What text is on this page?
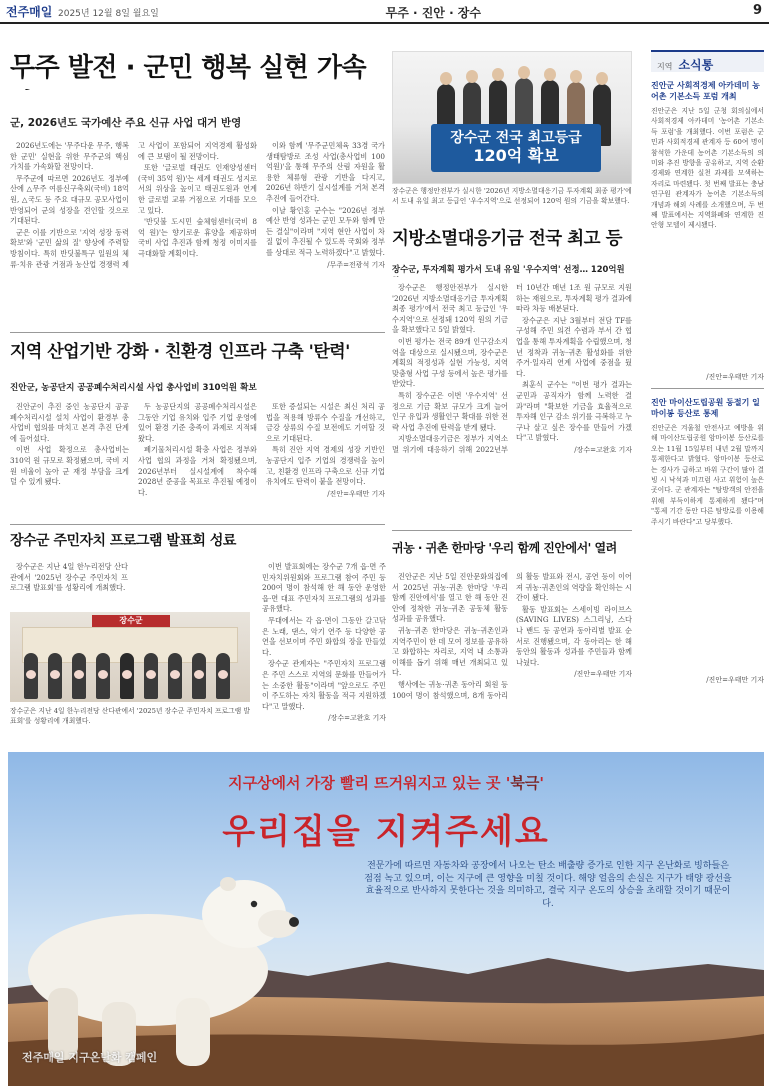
전주매일 2025년 12월 8일 월요일	무주 · 진안 · 장수	9
무주 발전 · 군민 행복 실현 가속
군, 2026년도 국가예산 주요 신규 사업 대거 반영

2026년도에는 '무주다운 무주, 행복한 군민' 실현을 위한 무주군의 핵심 가치를 가속화할 전망이다.

무주군에 따르면 2026년도 정부예산에 △무주 여름신구축외(국비) 18억 원, △국도 등 주요 대규모 공모사업이 반영되어 군의 성장을 견인할 것으로 기대된다.

군은 이를 기반으로 '지역 성장 동력 확보'와 '군민 삶의 질' 향상에 주력할 방침이다. 특히 반딧불특구 일원의 체류·치유 관광 거점과 농산업 경쟁력 제고 사업이 포함되어 지역경제 활성화에 큰 보탬이 될 전망이다.

또한 '글로벌 태권도 인재양성센터(국비 35억 원)'는 세계 태권도 성지로서의 위상을 높이고 태권도원과 연계한 글로벌 교류 거점으로 기대를 모으고 있다.

'반딧불 도시민 숲체험센터(국비 8억 원)'는 향기로운 휴양을 제공하며 국비 사업 추진과 함께 청정 이미지를 극대화할 계획이다.

이와 함께 '무주군민체육 33경 국가생태탐방로 조성 사업(총사업비 100억원)'을 통해 무주의 산림 자원을 활용한 체류형 관광 기반을 다지고, 2026년 하반기 실시설계를 거쳐 본격 추진에 들어간다.

이날 황인홍 군수는 "2026년 정부예산 반영 성과는 군민 모두와 함께 만든 결실"이라며 "지역 현안 사업이 차질 없이 추진될 수 있도록 국회와 정부를 상대로 적극 노력하겠다"고 밝혔다.

/무주=전광석 기자
장수군 전국 최고등급
120억 확보
장수군은 행정안전부가 실시한 '2026년 지방소멸대응기금 투자계획 최종 평가'에서 도내 유일 최고 등급인 '우수지역'으로 선정되어 120억 원의 기금을 확보했다.
지방소멸대응기금 전국 최고 등
장수군, 투자계획 평가서 도내 유일 '우수지역' 선정… 120억원

장수군은 행정안전부가 실시한 '2026년 지방소멸대응기금 투자계획 최종 평가'에서 전국 최고 등급인 '우수지역'으로 선정돼 120억 원의 기금을 확보했다고 5일 밝혔다.

이번 평가는 전국 89개 인구감소지역을 대상으로 실시됐으며, 장수군은 계획의 적정성과 실현 가능성, 지역 맞춤형 사업 구성 등에서 높은 평가를 받았다.

특히 장수군은 이번 '우수지역' 선정으로 기금 확보 규모가 크게 늘어 인구 유입과 생활인구 확대를 위한 전략 사업 추진에 탄력을 받게 됐다.

지방소멸대응기금은 정부가 지역소멸 위기에 대응하기 위해 2022년부터 10년간 매년 1조 원 규모로 지원하는 재원으로, 투자계획 평가 결과에 따라 차등 배분된다.

장수군은 지난 3월부터 전담 TF를 구성해 주민 의견 수렴과 부서 간 협업을 통해 투자계획을 수립했으며, 청년 정착과 귀농·귀촌 활성화를 위한 주거·일자리 연계 사업에 중점을 뒀다.

최훈식 군수는 "이번 평가 결과는 군민과 공직자가 함께 노력한 결과"라며 "확보한 기금을 효율적으로 투자해 인구 감소 위기를 극복하고 누구나 살고 싶은 장수를 만들어 가겠다"고 밝혔다.

/장수=고완호 기자
지역 산업기반 강화 · 친환경 인프라 구축 '탄력'
진안군, 농공단지 공공폐수처리시설 사업 총사업비 310억원 확보

진안군이 추진 중인 농공단지 공공폐수처리시설 설치 사업이 환경부 총사업비 협의를 마치고 본격 추진 단계에 들어섰다.

이번 사업 확정으로 총사업비는 310억 원 규모로 확정됐으며, 국비 지원 비율이 높아 군 재정 부담을 크게 덜 수 있게 됐다.

두 농공단지의 공공폐수처리시설은 그동안 기업 유치와 입주 기업 운영에 있어 환경 기준 충족이 과제로 지적돼 왔다.

폐기물처리시설 확충 사업은 정부와 사업 협의 과정을 거쳐 확정됐으며, 2026년부터 실시설계에 착수해 2028년 준공을 목표로 추진될 예정이다.

또한 증설되는 시설은 최신 처리 공법을 적용해 방류수 수질을 개선하고, 금강 상류의 수질 보전에도 기여할 것으로 기대된다.

특히 진안 지역 경제의 성장 기반인 농공단지 입주 기업의 경쟁력을 높이고, 친환경 인프라 구축으로 신규 기업 유치에도 탄력이 붙을 전망이다.

/진안=우태만 기자
장수군 주민자치 프로그램 발표회 성료

장수군은 지난 4일 한누리전당 산다관에서 '2025년 장수군 주민자치 프로그램 발표회'를 성황리에 개최했다.

이번 발표회에는 장수군 7개 읍·면 주민자치위원회와 프로그램 참여 주민 등 200여 명이 참석해 한 해 동안 운영한 읍·면 대표 주민자치 프로그램의 성과를 공유했다.

무대에서는 각 읍·면이 그동안 갈고닦은 노래, 댄스, 악기 연주 등 다양한 공연을 선보이며 주민 화합의 장을 만들었다.

장수군 관계자는 "주민자치 프로그램은 주민 스스로 지역의 문화를 만들어가는 소중한 활동"이라며 "앞으로도 주민이 주도하는 자치 활동을 적극 지원하겠다"고 말했다.

/장수=고완호 기자
장수군
장수군은 지난 4일 한누리전당 산다관에서 '2025년 장수군 주민자치 프로그램 발표회'를 성황리에 개최했다.
귀농 · 귀촌 한마당 '우리 함께 진안에서' 열려

진안군은 지난 5일 진안문화의집에서 2025년 귀농·귀촌 한마당 '우리 함께 진안에서'를 열고 한 해 동안 진안에 정착한 귀농·귀촌 공동체 활동 성과를 공유했다.

귀농·귀촌 한마당은 귀농·귀촌인과 지역주민이 한 데 모여 정보를 공유하고 화합하는 자리로, 지역 내 소통과 이해를 돕기 위해 매년 개최되고 있다.

행사에는 귀농·귀촌 동아리 회원 등 100여 명이 참석했으며, 8개 동아리의 활동 발표와 전시, 공연 등이 이어져 귀농·귀촌인의 역량을 확인하는 시간이 됐다.

활동 발표회는 스세이빙 라이브스(SAVING LIVES) 스그리닝, 스다나 밴드 등 공연과 동아리별 발표 순서로 진행됐으며, 각 동아리는 한 해 동안의 활동과 성과를 주민들과 함께 나눴다.

/진안=우태만 기자
지역 소식통
진안군 사회적경제 아카데미 농어촌 기본소득 포럼 개최
진안군은 지난 5일 군청 회의실에서 사회적경제 아카데미 '농어촌 기본소득 포럼'을 개최했다. 이번 포럼은 군민과 사회적경제 관계자 등 60여 명이 참석한 가운데 농어촌 기본소득의 의미와 추진 방향을 공유하고, 지역 순환경제와 연계한 실천 과제를 모색하는 자리로 마련됐다. 첫 번째 발표는 충남연구원 관계자가 농어촌 기본소득의 개념과 해외 사례를 소개했으며, 두 번째 발표에서는 지역화폐와 연계한 진안형 모델이 제시됐다.
/진안=우태만 기자
진안 마이산도립공원 동절기 일마이봉 등산로 통제
진안군은 겨울철 안전사고 예방을 위해 마이산도립공원 암마이봉 등산로를 오는 11월 15일부터 내년 2월 말까지 통제한다고 밝혔다. 암마이봉 등산로는 경사가 급하고 바위 구간이 많아 결빙 시 낙석과 미끄럼 사고 위험이 높은 곳이다. 군 관계자는 "탐방객의 안전을 위해 부득이하게 통제하게 됐다"며 "통제 기간 동안 다른 탐방로를 이용해 주시기 바란다"고 당부했다.
/진안=우태만 기자
지구상에서 가장 빨리 뜨거워지고 있는 곳 '북극'
우리집을 지켜주세요
전문가에 따르면 자동차와 공장에서 나오는 탄소 배출량 증가로 인한 지구 온난화로 빙하들은 점점 녹고 있으며, 이는 지구에 큰 영향을 미칠 것이다. 해양 얼음의 손실은 지구가 태양 광선을 효율적으로 반사하지 못한다는 것을 의미하고, 결국 지구 온도의 상승을 초래할 것이기 때문이다.
전주매일 지구온난화 캠페인
